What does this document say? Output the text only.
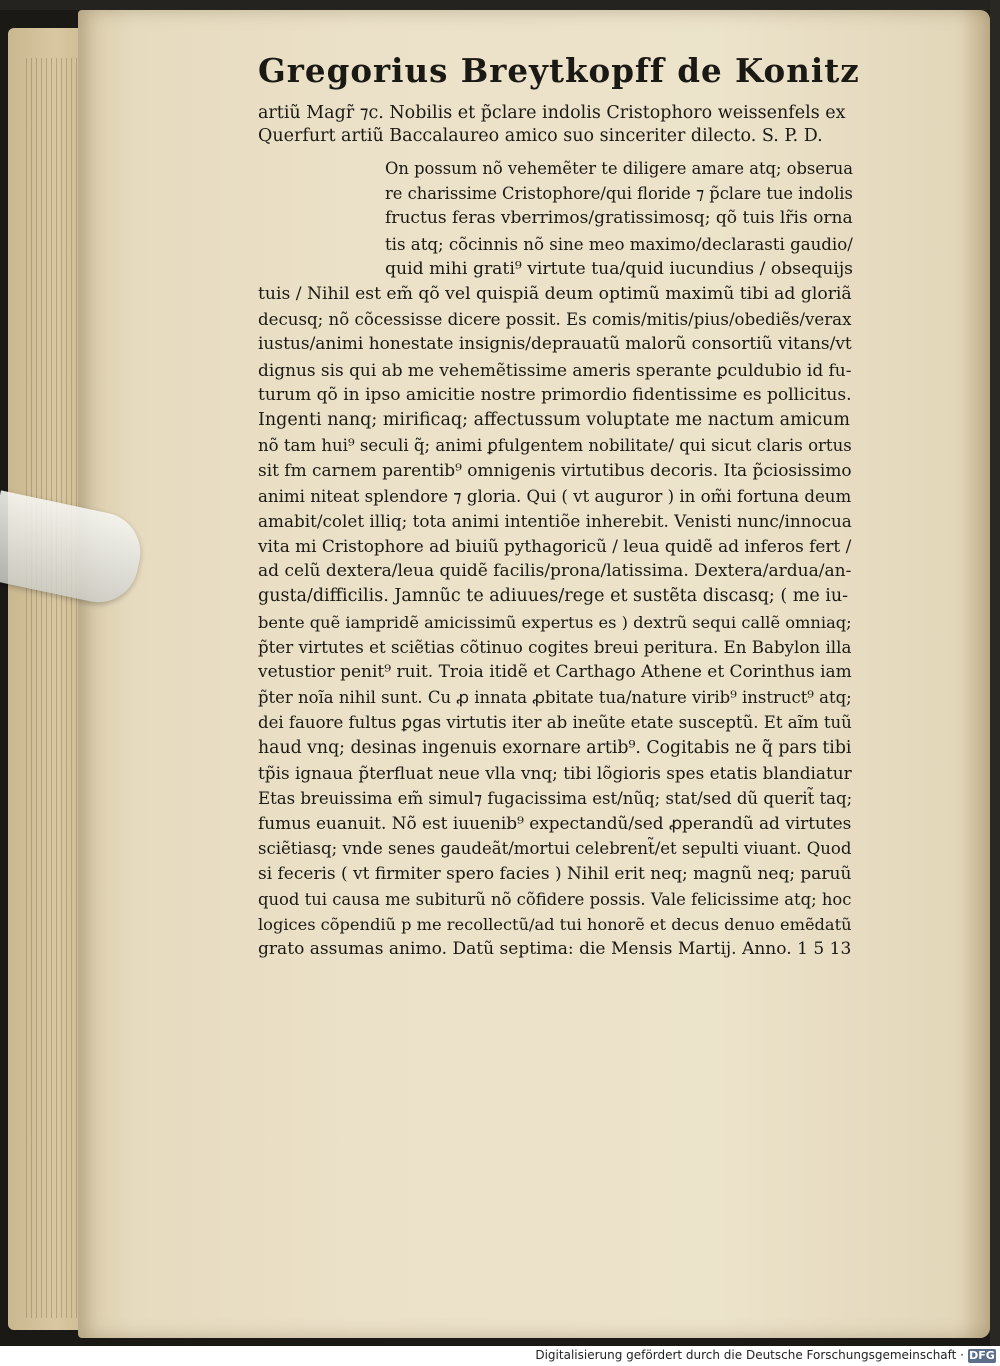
Gregorius Breytkopff de Konitz

artiũ Magr̃ ⁊c. Nobilis et p̃clare indolis Cristophoro weissenfels ex

Querfurt artiũ Baccalaureo amico suo sinceriter dilecto. S. P. D.

On possum nõ vehemẽter te diligere amare atq; obserua
re charissime Cristophore/qui floride ⁊ p̃clare tue indolis
fructus feras vberrimos/gratissimosq; qõ tuis lr̃is orna
tis atq; cõcinnis nõ sine meo maximo/declarasti gaudio/
quid mihi grati⁹ virtute tua/quid iucundius / obsequijs
tuis / Nihil est em̃ qõ vel quispiã deum optimũ maximũ tibi ad gloriã
decusq; nõ cõcessisse dicere possit. Es comis/mitis/pius/obediẽs/verax
iustus/animi honestate insignis/deprauatũ malorũ consortiũ vitans/vt
dignus sis qui ab me vehemẽtissime ameris sperante ꝑculdubio id fu-
turum qõ in ipso amicitie nostre primordio fidentissime es pollicitus.
Ingenti nanq; mirificaq; affectussum voluptate me nactum amicum
nõ tam hui⁹ seculi q̃; animi ꝑfulgentem nobilitate/ qui sicut claris ortus
sit fm carnem parentib⁹ omnigenis virtutibus decoris. Ita p̃ciosissimo
animi niteat splendore ⁊ gloria. Qui ( vt auguror ) in om̃i fortuna deum
amabit/colet illiq; tota animi intentiõe inherebit. Venisti nunc/innocua
vita mi Cristophore ad biuiũ pythagoricũ / leua quidẽ ad inferos fert /
ad celũ dextera/leua quidẽ facilis/prona/latissima. Dextera/ardua/an-
gusta/difficilis. Jamnũc te adiuues/rege et sustẽta discasq; ( me iu-
bente quẽ iampridẽ amicissimũ expertus es ) dextrũ sequi callẽ omniaq;
p̃ter virtutes et sciẽtias cõtinuo cogites breui peritura. En Babylon illa
vetustior penit⁹ ruit. Troia itidẽ et Carthago Athene et Corinthus iam
p̃ter noĩa nihil sunt. Cu ꝓ innata ꝓbitate tua/nature virib⁹ instruct⁹ atq;
dei fauore fultus ꝑgas virtutis iter ab ineũte etate susceptũ. Et aĩm tuũ
haud vnq; desinas ingenuis exornare artib⁹. Cogitabis ne q̃ pars tibi
tp̃is ignaua p̃terfluat neue vlla vnq; tibi lõgioris spes etatis blandiatur
Etas breuissima em̃ simul⁊ fugacissima est/nũq; stat/sed dũ querit̃ taq;
fumus euanuit. Nõ est iuuenib⁹ expectandũ/sed ꝓperandũ ad virtutes
sciẽtiasq; vnde senes gaudeãt/mortui celebrent̃/et sepulti viuant. Quod
si feceris ( vt firmiter spero facies ) Nihil erit neq; magnũ neq; paruũ
quod tui causa me subiturũ nõ cõfidere possis. Vale felicissime atq; hoc
logices cõpendiũ p me recollectũ/ad tui honorẽ et decus denuo emẽdatũ
grato assumas animo. Datũ septima: die Mensis Martij. Anno. 1 5 13
Digitalisierung gefördert durch die Deutsche Forschungsgemeinschaft · DFG
